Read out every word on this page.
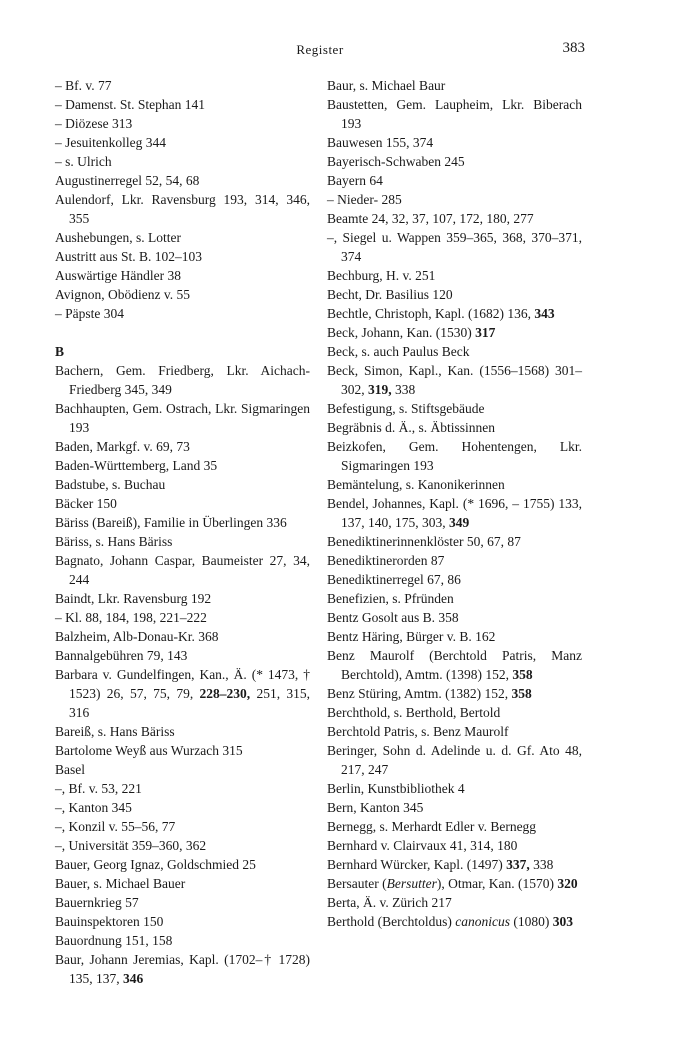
Register	383
– Bf. v. 77
– Damenst. St. Stephan 141
– Diözese 313
– Jesuitenkolleg 344
– s. Ulrich
Augustinerregel 52, 54, 68
Aulendorf, Lkr. Ravensburg 193, 314, 346, 355
Aushebungen, s. Lotter
Austritt aus St. B. 102–103
Auswärtige Händler 38
Avignon, Obödienz v. 55
– Päpste 304
B
Bachern, Gem. Friedberg, Lkr. Aichach-Friedberg 345, 349
Bachhaupten, Gem. Ostrach, Lkr. Sigmaringen 193
Baden, Markgf. v. 69, 73
Baden-Württemberg, Land 35
Badstube, s. Buchau
Bäcker 150
Bäriss (Bareiß), Familie in Überlingen 336
Bäriss, s. Hans Bäriss
Bagnato, Johann Caspar, Baumeister 27, 34, 244
Baindt, Lkr. Ravensburg 192
– Kl. 88, 184, 198, 221–222
Balzheim, Alb-Donau-Kr. 368
Bannalgebühren 79, 143
Barbara v. Gundelfingen, Kan., Ä. (* 1473, † 1523) 26, 57, 75, 79, 228–230, 251, 315, 316
Bareiß, s. Hans Bäriss
Bartolome Weyß aus Wurzach 315
Basel
–, Bf. v. 53, 221
–, Kanton 345
–, Konzil v. 55–56, 77
–, Universität 359–360, 362
Bauer, Georg Ignaz, Goldschmied 25
Bauer, s. Michael Bauer
Bauernkrieg 57
Bauinspektoren 150
Bauordnung 151, 158
Baur, Johann Jeremias, Kapl. (1702–† 1728) 135, 137, 346
Baur, s. Michael Baur
Baustetten, Gem. Laupheim, Lkr. Biberach 193
Bauwesen 155, 374
Bayerisch-Schwaben 245
Bayern 64
– Nieder- 285
Beamte 24, 32, 37, 107, 172, 180, 277
–, Siegel u. Wappen 359–365, 368, 370–371, 374
Bechburg, H. v. 251
Becht, Dr. Basilius 120
Bechtle, Christoph, Kapl. (1682) 136, 343
Beck, Johann, Kan. (1530) 317
Beck, s. auch Paulus Beck
Beck, Simon, Kapl., Kan. (1556–1568) 301–302, 319, 338
Befestigung, s. Stiftsgebäude
Begräbnis d. Ä., s. Äbtissinnen
Beizkofen, Gem. Hohentengen, Lkr. Sigmaringen 193
Bemäntelung, s. Kanonikerinnen
Bendel, Johannes, Kapl. (* 1696, – 1755) 133, 137, 140, 175, 303, 349
Benediktinerinnenklöster 50, 67, 87
Benediktinerorden 87
Benediktinerregel 67, 86
Benefizien, s. Pfründen
Bentz Gosolt aus B. 358
Bentz Häring, Bürger v. B. 162
Benz Maurolf (Berchtold Patris, Manz Berchtold), Amtm. (1398) 152, 358
Benz Stüring, Amtm. (1382) 152, 358
Berchthold, s. Berthold, Bertold
Berchtold Patris, s. Benz Maurolf
Beringer, Sohn d. Adelinde u. d. Gf. Ato 48, 217, 247
Berlin, Kunstbibliothek 4
Bern, Kanton 345
Bernegg, s. Merhardt Edler v. Bernegg
Bernhard v. Clairvaux 41, 314, 180
Bernhard Würcker, Kapl. (1497) 337, 338
Bersauter (Bersutter), Otmar, Kan. (1570) 320
Berta, Ä. v. Zürich 217
Berthold (Berchtoldus) canonicus (1080) 303
